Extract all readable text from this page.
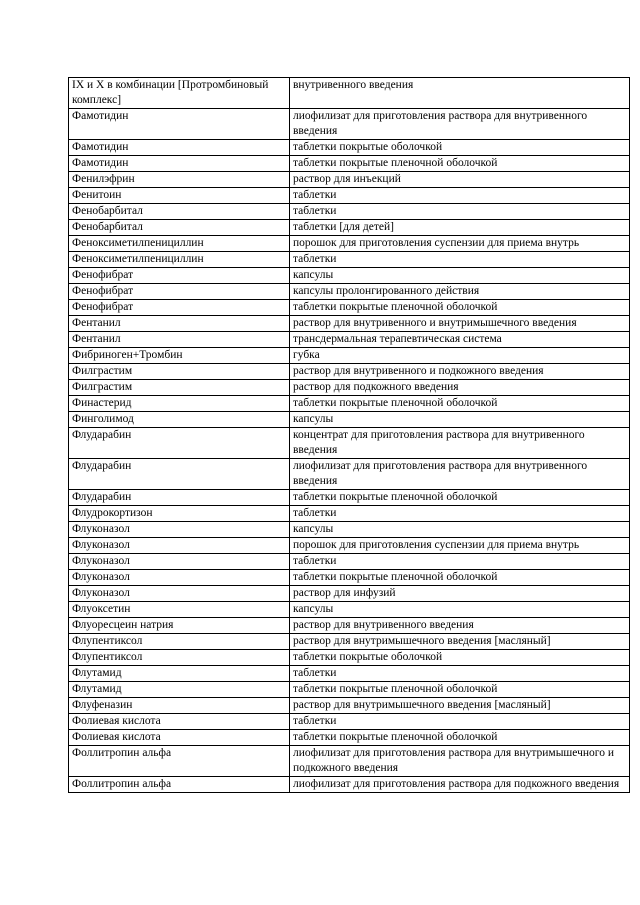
IX и X в комбинации [Протромбиновый комплекс]	внутривенного введения
Фамотидин	лиофилизат для приготовления раствора для внутривенного введения
Фамотидин	таблетки покрытые оболочкой
Фамотидин	таблетки покрытые пленочной оболочкой
Фенилэфрин	раствор для инъекций
Фенитоин	таблетки
Фенобарбитал	таблетки
Фенобарбитал	таблетки [для детей]
Феноксиметилпенициллин	порошок для приготовления суспензии для приема внутрь
Феноксиметилпенициллин	таблетки
Фенофибрат	капсулы
Фенофибрат	капсулы пролонгированного действия
Фенофибрат	таблетки покрытые пленочной оболочкой
Фентанил	раствор для внутривенного и внутримышечного введения
Фентанил	трансдермальная терапевтическая система
Фибриноген+Тромбин	губка
Филграстим	раствор для внутривенного и подкожного введения
Филграстим	раствор для подкожного введения
Финастерид	таблетки покрытые пленочной оболочкой
Финголимод	капсулы
Флударабин	концентрат для приготовления раствора для внутривенного введения
Флударабин	лиофилизат для приготовления раствора для внутривенного введения
Флударабин	таблетки покрытые пленочной оболочкой
Флудрокортизон	таблетки
Флуконазол	капсулы
Флуконазол	порошок для приготовления суспензии для приема внутрь
Флуконазол	таблетки
Флуконазол	таблетки покрытые пленочной оболочкой
Флуконазол	раствор для инфузий
Флуоксетин	капсулы
Флуоресцеин натрия	раствор для внутривенного введения
Флупентиксол	раствор для внутримышечного введения [масляный]
Флупентиксол	таблетки покрытые оболочкой
Флутамид	таблетки
Флутамид	таблетки покрытые пленочной оболочкой
Флуфеназин	раствор для внутримышечного введения [масляный]
Фолиевая кислота	таблетки
Фолиевая кислота	таблетки покрытые пленочной оболочкой
Фоллитропин альфа	лиофилизат для приготовления раствора для внутримышечного и подкожного введения
Фоллитропин альфа	лиофилизат для приготовления раствора для подкожного введения
